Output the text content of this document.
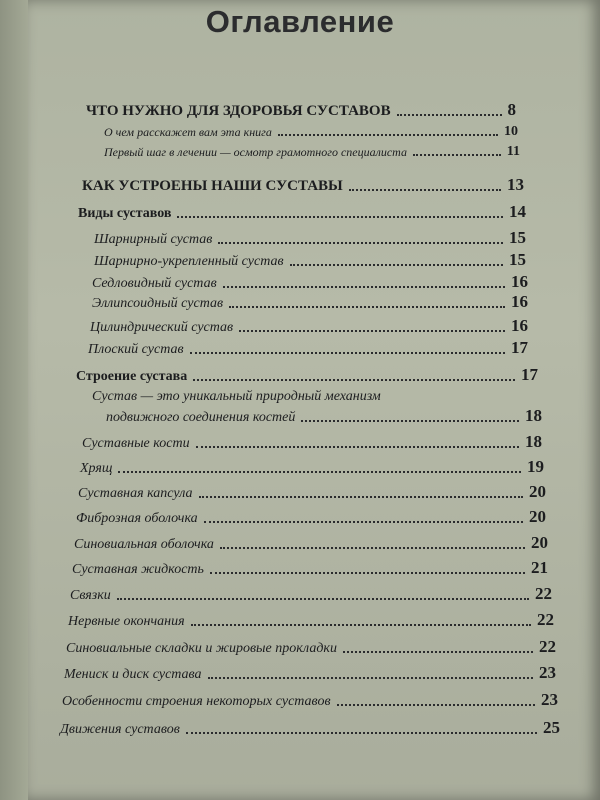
Оглавление
ЧТО НУЖНО ДЛЯ ЗДОРОВЬЯ СУСТАВОВ	8
О чем расскажет вам эта книга	10
Первый шаг в лечении — осмотр грамотного специалиста	11
КАК УСТРОЕНЫ НАШИ СУСТАВЫ	13
Виды суставов	14
Шарнирный сустав	15
Шарнирно-укрепленный сустав	15
Седловидный сустав	16
Эллипсоидный сустав	16
Цилиндрический сустав	16
Плоский сустав	17
Строение сустава	17
Сустав — это уникальный природный механизм
подвижного соединения костей	18
Суставные кости	18
Хрящ	19
Суставная капсула	20
Фиброзная оболочка	20
Синовиальная оболочка	20
Суставная жидкость	21
Связки	22
Нервные окончания	22
Синовиальные складки и жировые прокладки	22
Мениск и диск сустава	23
Особенности строения некоторых суставов	23
Движения суставов	25
